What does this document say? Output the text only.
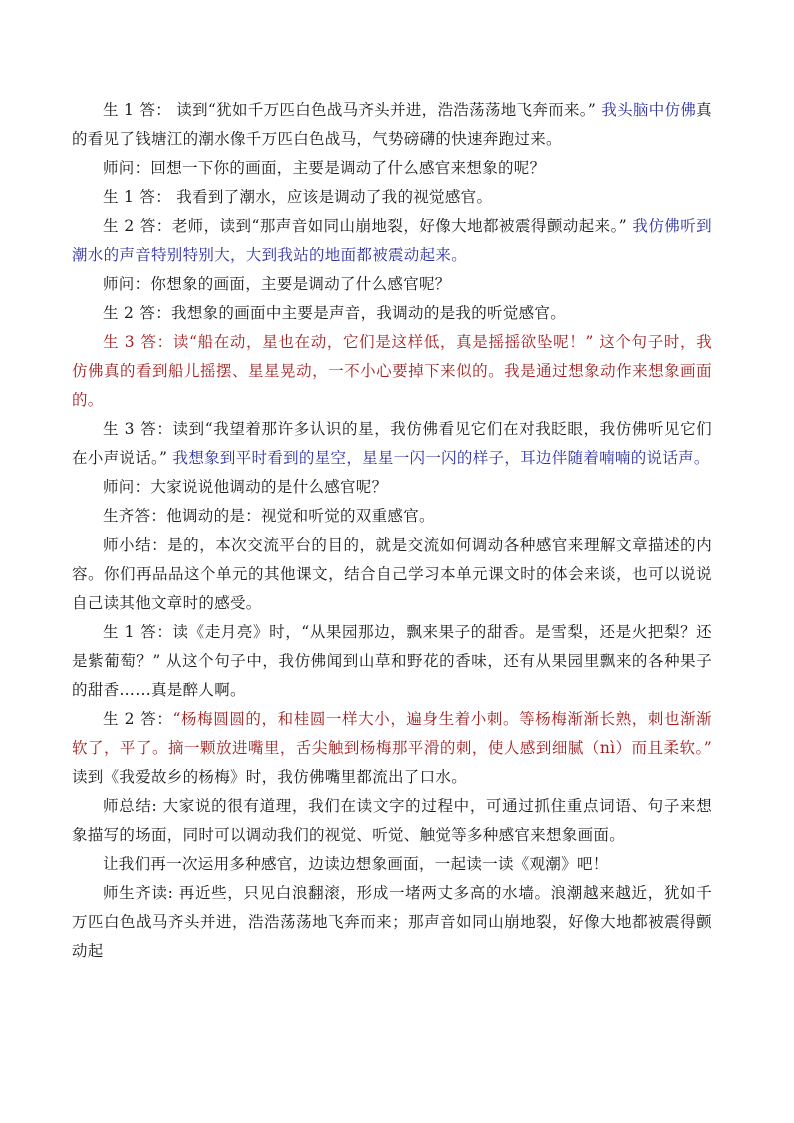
生 1 答： 读到“犹如千万匹白色战马齐头并进，浩浩荡荡地飞奔而来。” 我头脑中仿佛真的看见了钱塘江的潮水像千万匹白色战马，气势磅礴的快速奔跑过来。

师问：回想一下你的画面，主要是调动了什么感官来想象的呢？

生 1 答： 我看到了潮水，应该是调动了我的视觉感官。

生 2 答：老师，读到“那声音如同山崩地裂，好像大地都被震得颤动起来。” 我仿佛听到潮水的声音特别特别大，大到我站的地面都被震动起来。

师问：你想象的画面，主要是调动了什么感官呢？

生 2 答：我想象的画面中主要是声音，我调动的是我的听觉感官。

生 3 答：读“船在动，星也在动，它们是这样低，真是摇摇欲坠呢！” 这个句子时，我仿佛真的看到船儿摇摆、星星晃动，一不小心要掉下来似的。我是通过想象动作来想象画面的。

生 3 答：读到“我望着那许多认识的星，我仿佛看见它们在对我眨眼，我仿佛听见它们在小声说话。” 我想象到平时看到的星空，星星一闪一闪的样子，耳边伴随着喃喃的说话声。

师问：大家说说他调动的是什么感官呢？

生齐答：他调动的是：视觉和听觉的双重感官。

师小结：是的，本次交流平台的目的，就是交流如何调动各种感官来理解文章描述的内容。你们再品品这个单元的其他课文，结合自己学习本单元课文时的体会来谈，也可以说说自己读其他文章时的感受。

生 1 答：读《走月亮》时，“从果园那边，飘来果子的甜香。是雪梨，还是火把梨？还是紫葡萄？” 从这个句子中，我仿佛闻到山草和野花的香味，还有从果园里飘来的各种果子的甜香……真是醉人啊。

生 2 答：“杨梅圆圆的，和桂圆一样大小，遍身生着小刺。等杨梅渐渐长熟，刺也渐渐软了，平了。摘一颗放进嘴里，舌尖触到杨梅那平滑的刺，使人感到细腻（nì）而且柔软。” 读到《我爱故乡的杨梅》时，我仿佛嘴里都流出了口水。

师总结: 大家说的很有道理，我们在读文字的过程中，可通过抓住重点词语、句子来想象描写的场面，同时可以调动我们的视觉、听觉、触觉等多种感官来想象画面。

让我们再一次运用多种感官，边读边想象画面，一起读一读《观潮》吧！

师生齐读: 再近些，只见白浪翻滚，形成一堵两丈多高的水墙。浪潮越来越近，犹如千万匹白色战马齐头并进，浩浩荡荡地飞奔而来；那声音如同山崩地裂，好像大地都被震得颤动起
